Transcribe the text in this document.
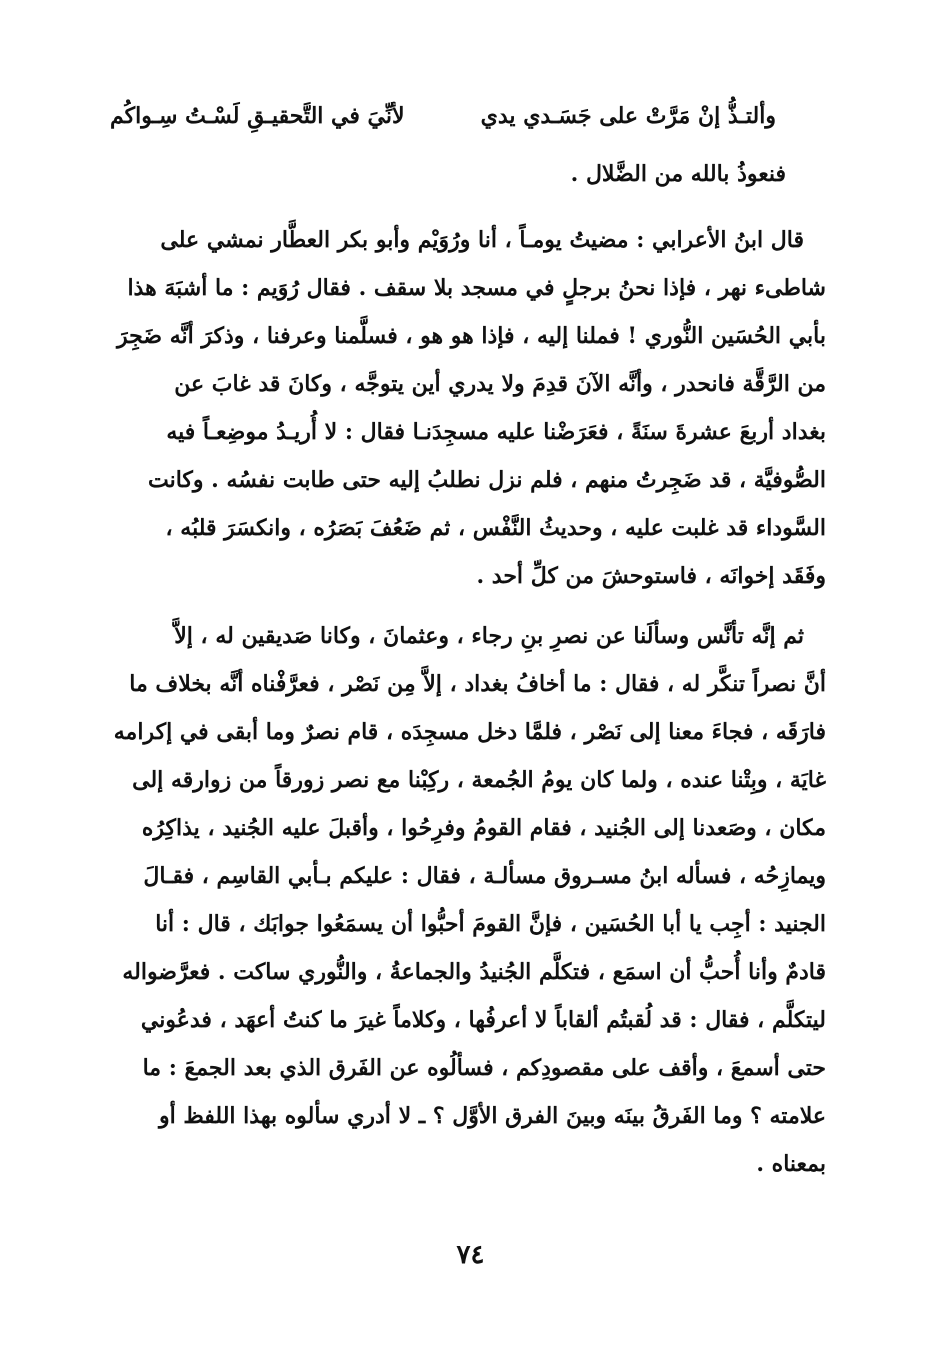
وألتـذُّ إنْ مَرَّتْ على جَسَـدي يدي
لأنِّيَ في التَّحقيـقِ لَسْـتُ سِـواكُم
فنعوذُ بالله من الضَّلال .
قال ابنُ الأعرابي : مضيتُ يومـاً ، أنا ورُوَيْم وأبو بكر العطَّار نمشي على
شاطىء نهر ، فإذا نحنُ برجلٍ في مسجد بلا سقف . فقال رُوَيم : ما أشبَهَ هذا
بأبي الحُسَين النُّوري ! فملنا إليه ، فإذا هو هو ، فسلَّمنا وعرفنا ، وذكرَ أنَّه ضَجِرَ
من الرَّقَّة فانحدر ، وأنَّه الآنَ قدِمَ ولا يدري أين يتوجَّه ، وكانَ قد غابَ عن
بغداد أربعَ عشرةَ سنَةً ، فعَرَضْنا عليه مسجِدَنـا فقال : لا أُريـدُ موضِعـاً فيه
الصُّوفيَّة ، قد ضَجِرتُ منهم ، فلم نزل نطلبُ إليه حتى طابت نفسُه . وكانت
السَّوداء قد غلبت عليه ، وحديثُ النَّفْس ، ثم ضَعُفَ بَصَرُه ، وانكسَرَ قلبُه ،
وفَقَد إخوانَه ، فاستوحشَ من كلِّ أحد .
ثم إنَّه تأنَّس وسألَنا عن نصرِ بنِ رجاء ، وعثمانَ ، وكانا صَديقين له ، إلاَّ
أنَّ نصراً تنكَّر له ، فقال : ما أخافُ بغداد ، إلاَّ مِن نَصْر ، فعرَّفْناه أنَّه بخلاف ما
فارَقَه ، فجاءَ معنا إلى نَصْر ، فلمَّا دخل مسجِدَه ، قام نصرٌ وما أبقى في إكرامه
غايَة ، وبِتْنا عنده ، ولما كان يومُ الجُمعة ، ركِبْنا مع نصر زورقاً من زوارقه إلى
مكان ، وصَعدنا إلى الجُنيد ، فقام القومُ وفرِحُوا ، وأقبلَ عليه الجُنيد ، يذاكِرُه
ويمازِحُه ، فسأله ابنُ مسـروق مسألـة ، فقال : عليكم بـأبي القاسِم ، فقـالَ
الجنيد : أجِب يا أبا الحُسَين ، فإنَّ القومَ أحبُّوا أن يسمَعُوا جوابَك ، قال : أنا
قادمٌ وأنا أُحبُّ أن اسمَع ، فتكلَّم الجُنيدُ والجماعةُ ، والنُّوري ساكت . فعرَّضواله
ليتكلَّم ، فقال : قد لُقبتُم ألقاباً لا أعرفُها ، وكلاماً غيرَ ما كنتُ أعهَد ، فدعُوني
حتى أسمعَ ، وأقف على مقصودِكم ، فسألُوه عن الفَرق الذي بعد الجمعَ : ما
علامته ؟ وما الفَرقُ بينَه وبينَ الفرق الأوَّل ؟ ـ لا أدري سألوه بهذا اللفظ أو
بمعناه .
٧٤
